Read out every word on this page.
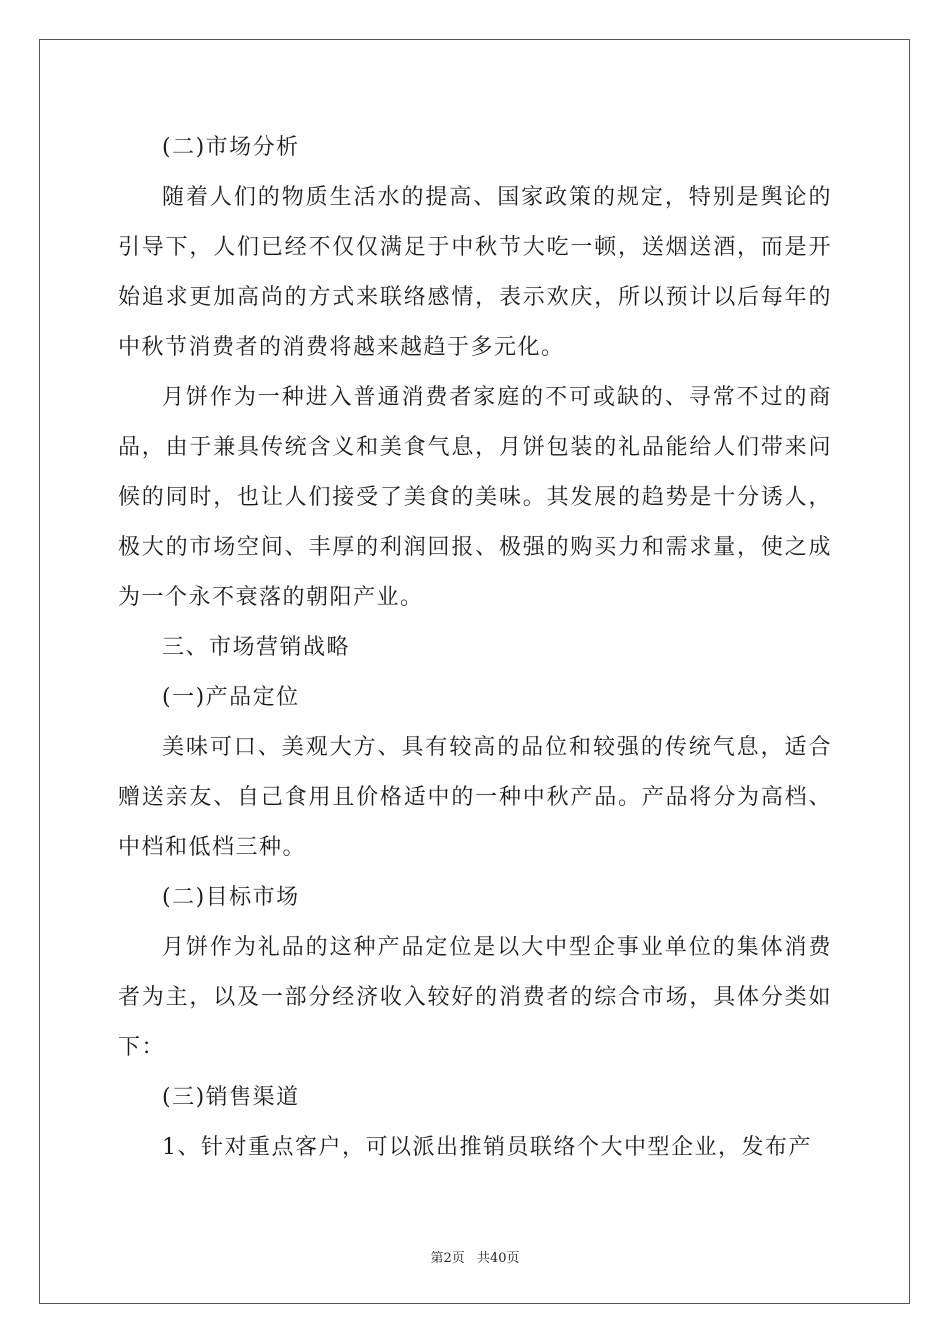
(二)市场分析

随着人们的物质生活水的提高、国家政策的规定，特别是舆论的引导下，人们已经不仅仅满足于中秋节大吃一顿，送烟送酒，而是开始追求更加高尚的方式来联络感情，表示欢庆，所以预计以后每年的中秋节消费者的消费将越来越趋于多元化。

月饼作为一种进入普通消费者家庭的不可或缺的、寻常不过的商品，由于兼具传统含义和美食气息，月饼包装的礼品能给人们带来问候的同时，也让人们接受了美食的美味。其发展的趋势是十分诱人，极大的市场空间、丰厚的利润回报、极强的购买力和需求量，使之成为一个永不衰落的朝阳产业。

三、市场营销战略

(一)产品定位

美味可口、美观大方、具有较高的品位和较强的传统气息，适合赠送亲友、自己食用且价格适中的一种中秋产品。产品将分为高档、中档和低档三种。

(二)目标市场

月饼作为礼品的这种产品定位是以大中型企事业单位的集体消费者为主，以及一部分经济收入较好的消费者的综合市场，具体分类如下：

(三)销售渠道

1、针对重点客户，可以派出推销员联络个大中型企业，发布产

第2页 共40页
